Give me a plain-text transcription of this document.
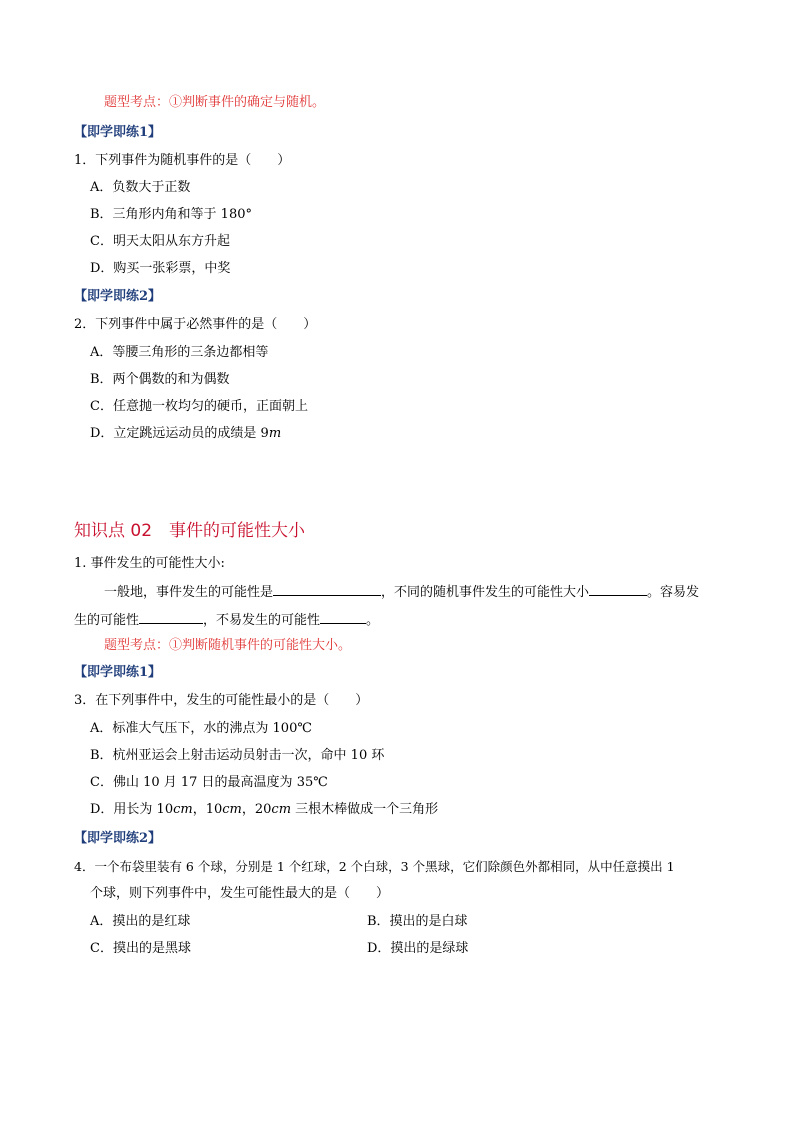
题型考点：①判断事件的确定与随机。
【即学即练1】
1．下列事件为随机事件的是（　　）
A．负数大于正数
B．三角形内角和等于 180°
C．明天太阳从东方升起
D．购买一张彩票，中奖
【即学即练2】
2．下列事件中属于必然事件的是（　　）
A．等腰三角形的三条边都相等
B．两个偶数的和为偶数
C．任意抛一枚均匀的硬币，正面朝上
D．立定跳远运动员的成绩是 9m
知识点 02　事件的可能性大小
1. 事件发生的可能性大小:
一般地，事件发生的可能性是	，不同的随机事件发生的可能性大小	。容易发
生的可能性	，不易发生的可能性	。
题型考点：①判断随机事件的可能性大小。
【即学即练1】
3．在下列事件中，发生的可能性最小的是（　　）
A．标准大气压下，水的沸点为 100℃
B．杭州亚运会上射击运动员射击一次，命中 10 环
C．佛山 10 月 17 日的最高温度为 35℃
D．用长为 10cm，10cm，20cm 三根木棒做成一个三角形
【即学即练2】
4．一个布袋里装有 6 个球，分别是 1 个红球，2 个白球，3 个黑球，它们除颜色外都相同，从中任意摸出 1
个球，则下列事件中，发生可能性最大的是（　　）
A．摸出的是红球	B．摸出的是白球
C．摸出的是黑球	D．摸出的是绿球
